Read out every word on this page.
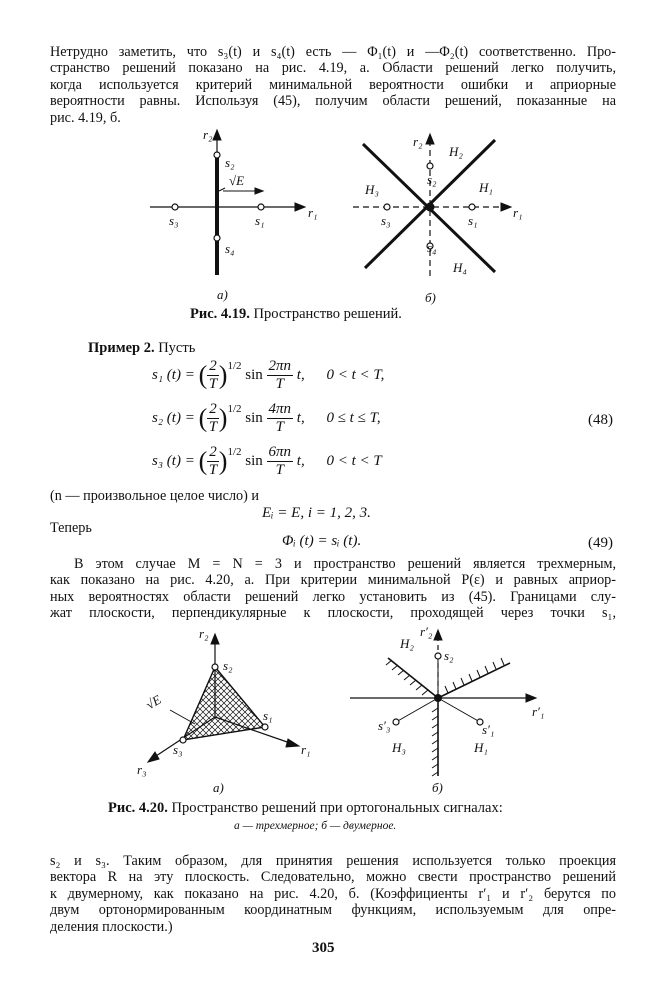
Нетрудно заметить, что s₃(t) и s₄(t) есть — Φ₁(t) и —Φ₂(t) соответственно. Про-
странство решений показано на рис. 4.19, а. Области решений легко получить,
когда используется критерий минимальной вероятности ошибки и априорные
вероятности равны. Используя (45), получим области решений, показанные на
рис. 4.19, б.
r₂
s₂
√E
r₁
s₁
s₃
s₄
а)
r₂
H₂
s₂
H₁
H₃
r₁
s₁
s₃
s₄
H₄
б)
Рис. 4.19. Пространство решений.
Пример 2. Пусть
s₁ (t) = ( $\frac{2}{T} )^{1/2}$ $\sin \frac{2\pi n}{T} t$, 0 < t < T,
s₂ (t) = ( $\frac{2}{T} )^{1/2}$ $\sin \frac{4\pi n}{T} t$, 0 ≤ t ≤ T,	(48)
s₃ (t) = ( $\frac{2}{T} )^{1/2}$ $\sin \frac{6\pi n}{T} t$, 0 < t < T
(n — произвольное целое число) и
Eᵢ = E, i = 1, 2, 3.
Теперь
Φᵢ (t) = sᵢ (t).	(49)
В этом случае M = N = 3 и пространство решений является трехмерным,
как показано на рис. 4.20, а. При критерии минимальной P(ε) и равных априор-
ных вероятностях области решений легко установить из (45). Границами слу-
жат плоскости, перпендикулярные к плоскости, проходящей через точки s₁,
r₂
s₂
√E
s₁
s₃	r₁
r₃
а)
r′₂
H₂
s₂
r′₁
s′₃	s′₁
H₃	H₁
б)
Рис. 4.20. Пространство решений при ортогональных сигналах:
а — трехмерное; б — двумерное.
s₂ и s₃. Таким образом, для принятия решения используется только проекция
вектора R на эту плоскость. Следовательно, можно свести пространство решений
к двумерному, как показано на рис. 4.20, б. (Коэффициенты r′₁ и r′₂ берутся по
двум ортонормированным координатным функциям, используемым для опре-
деления плоскости.)
305
